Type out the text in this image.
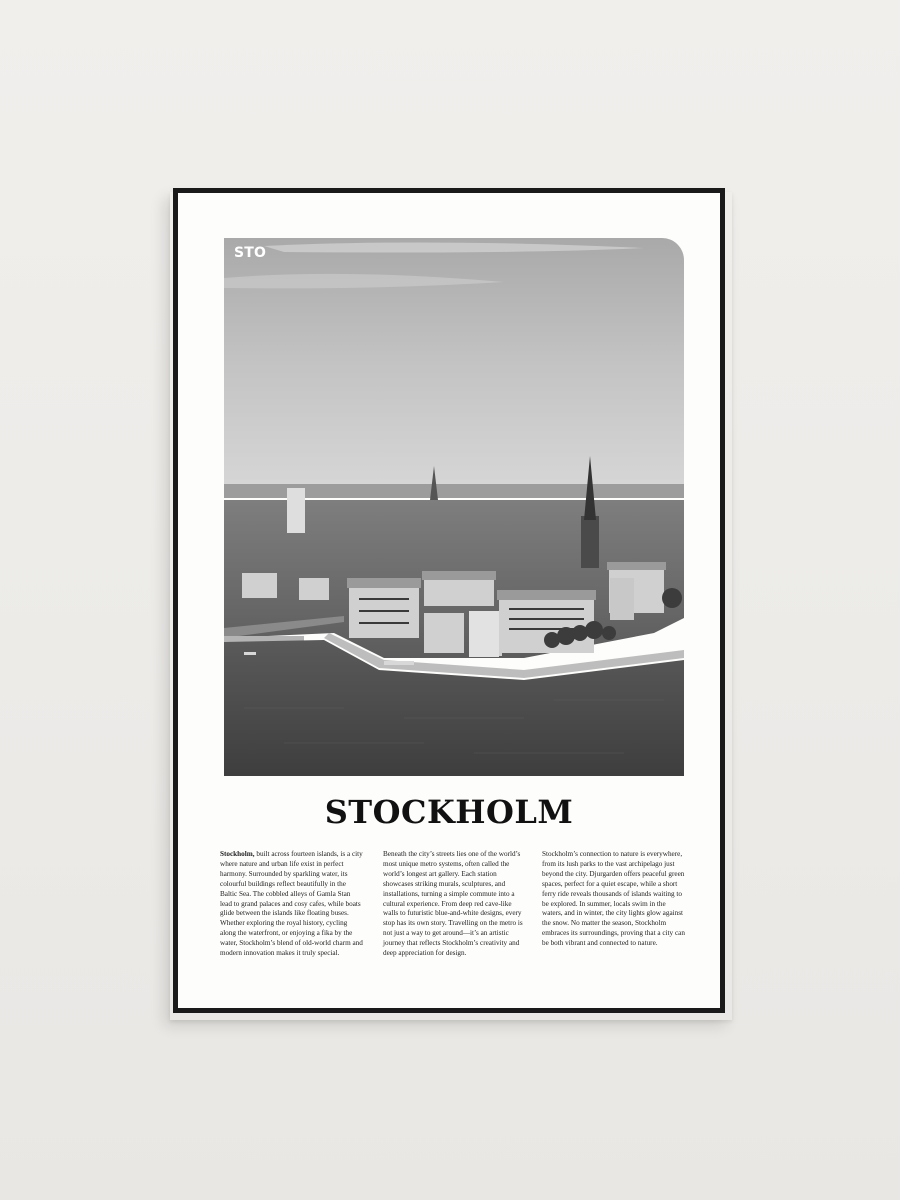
STO
STOCKHOLM

Stockholm, built across fourteen islands, is a city where nature and urban life exist in perfect harmony. Surrounded by sparkling water, its colourful buildings reflect beautifully in the Baltic Sea. The cobbled alleys of Gamla Stan lead to grand palaces and cosy cafes, while boats glide between the islands like floating buses. Whether exploring the royal history, cycling along the waterfront, or enjoying a fika by the water, Stockholm’s blend of old-world charm and modern innovation makes it truly special.

Beneath the city’s streets lies one of the world’s most unique metro systems, often called the world’s longest art gallery. Each station showcases striking murals, sculptures, and installations, turning a simple commute into a cultural experience. From deep red cave-like walls to futuristic blue-and-white designs, every stop has its own story. Travelling on the metro is not just a way to get around—it’s an artistic journey that reflects Stockholm’s creativity and deep appreciation for design.

Stockholm’s connection to nature is everywhere, from its lush parks to the vast archipelago just beyond the city. Djurgarden offers peaceful green spaces, perfect for a quiet escape, while a short ferry ride reveals thousands of islands waiting to be explored. In summer, locals swim in the waters, and in winter, the city lights glow against the snow. No matter the season, Stockholm embraces its surroundings, proving that a city can be both vibrant and connected to nature.
